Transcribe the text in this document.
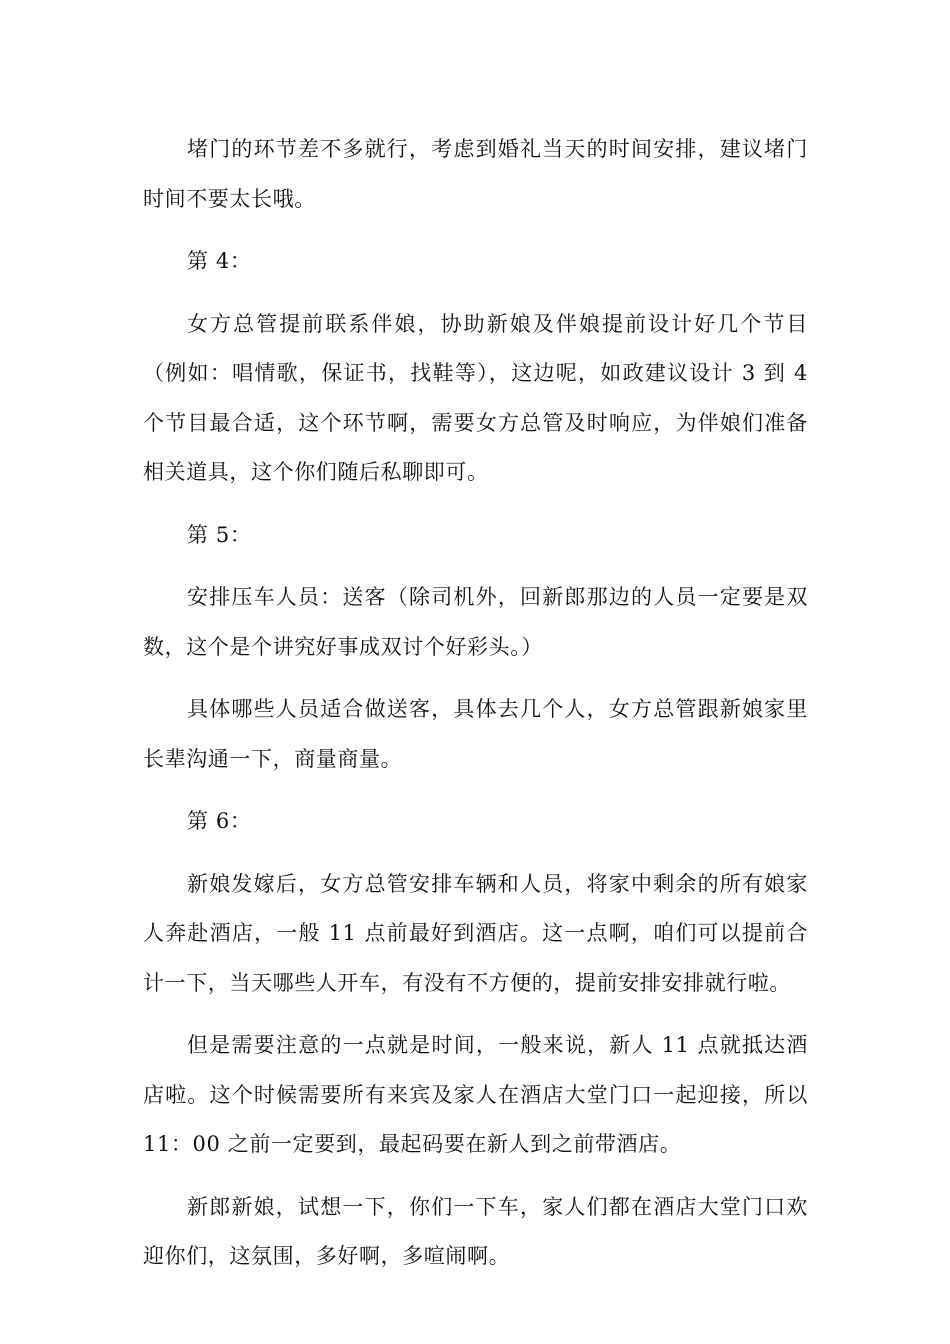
堵门的环节差不多就行，考虑到婚礼当天的时间安排，建议堵门时间不要太长哦。

第 4：

女方总管提前联系伴娘，协助新娘及伴娘提前设计好几个节目（例如：唱情歌，保证书，找鞋等），这边呢，如政建议设计 3 到 4 个节目最合适，这个环节啊，需要女方总管及时响应，为伴娘们准备相关道具，这个你们随后私聊即可。

第 5：

安排压车人员：送客（除司机外，回新郎那边的人员一定要是双数，这个是个讲究好事成双讨个好彩头。）

具体哪些人员适合做送客，具体去几个人，女方总管跟新娘家里长辈沟通一下，商量商量。

第 6：

新娘发嫁后，女方总管安排车辆和人员，将家中剩余的所有娘家人奔赴酒店，一般 11 点前最好到酒店。这一点啊，咱们可以提前合计一下，当天哪些人开车，有没有不方便的，提前安排安排就行啦。

但是需要注意的一点就是时间，一般来说，新人 11 点就抵达酒店啦。这个时候需要所有来宾及家人在酒店大堂门口一起迎接，所以 11：00 之前一定要到，最起码要在新人到之前带酒店。

新郎新娘，试想一下，你们一下车，家人们都在酒店大堂门口欢迎你们，这氛围，多好啊，多喧闹啊。
